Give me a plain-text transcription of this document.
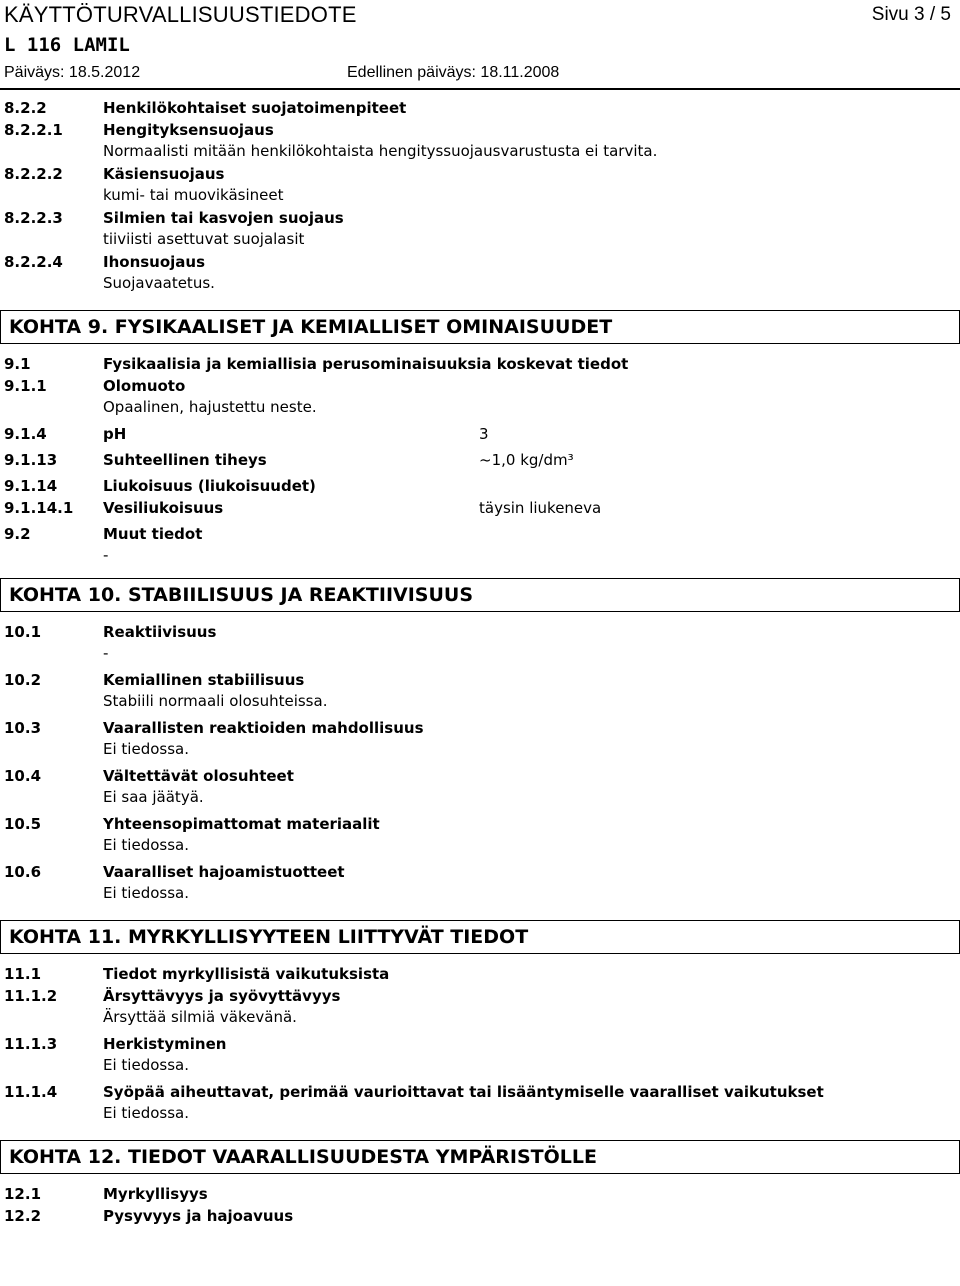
KÄYTTÖTURVALLISUUSTIEDOTE	Sivu 3 / 5
L 116 LAMIL
Päiväys: 18.5.2012	Edellinen päiväys: 18.11.2008
8.2.2	Henkilökohtaiset suojatoimenpiteet
8.2.2.1	Hengityksensuojaus
Normaalisti mitään henkilökohtaista hengityssuojausvarustusta ei tarvita.
8.2.2.2	Käsiensuojaus
kumi- tai muovikäsineet
8.2.2.3	Silmien tai kasvojen suojaus
tiiviisti asettuvat suojalasit
8.2.2.4	Ihonsuojaus
Suojavaatetus.
KOHTA 9. FYSIKAALISET JA KEMIALLISET OMINAISUUDET
9.1	Fysikaalisia ja kemiallisia perusominaisuuksia koskevat tiedot
9.1.1	Olomuoto
Opaalinen, hajustettu neste.
9.1.4	pH	3
9.1.13	Suhteellinen tiheys	~1,0 kg/dm³
9.1.14	Liukoisuus (liukoisuudet)
9.1.14.1 Vesiliukoisuus	täysin liukeneva
9.2	Muut tiedot
-
KOHTA 10. STABIILISUUS JA REAKTIIVISUUS
10.1	Reaktiivisuus
-
10.2	Kemiallinen stabiilisuus
Stabiili normaali olosuhteissa.
10.3	Vaarallisten reaktioiden mahdollisuus
Ei tiedossa.
10.4	Vältettävät olosuhteet
Ei saa jäätyä.
10.5	Yhteensopimattomat materiaalit
Ei tiedossa.
10.6	Vaaralliset hajoamistuotteet
Ei tiedossa.
KOHTA 11. MYRKYLLISYYTEEN LIITTYVÄT TIEDOT
11.1	Tiedot myrkyllisistä vaikutuksista
11.1.2	Ärsyttävyys ja syövyttävyys
Ärsyttää silmiä väkevänä.
11.1.3	Herkistyminen
Ei tiedossa.
11.1.4	Syöpää aiheuttavat, perimää vaurioittavat tai lisääntymiselle vaaralliset vaikutukset
Ei tiedossa.
KOHTA 12. TIEDOT VAARALLISUUDESTA YMPÄRISTÖLLE
12.1	Myrkyllisyys
12.2	Pysyvyys ja hajoavuus
